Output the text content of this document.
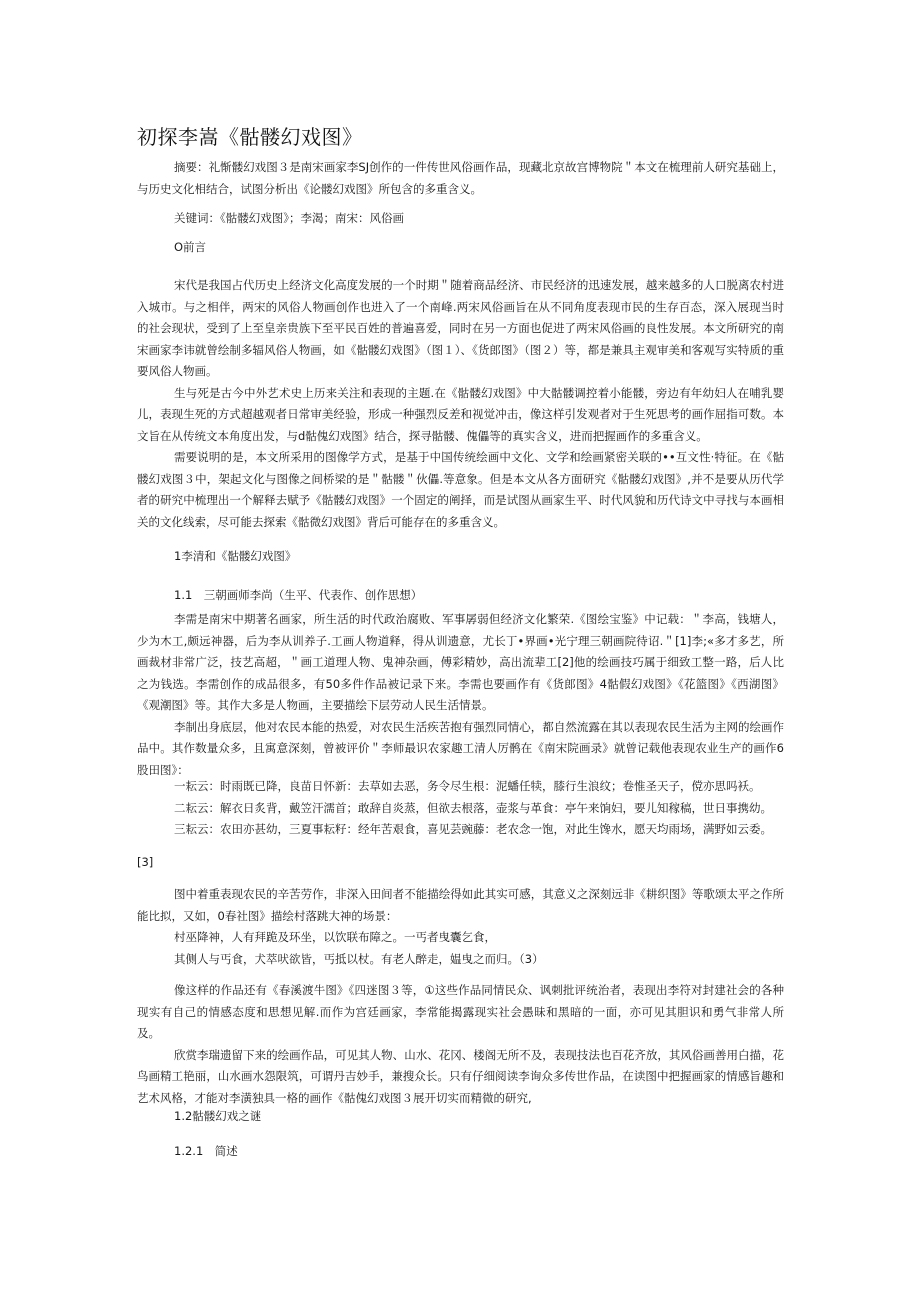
初探李嵩《骷髅幻戏图》

摘要：礼惭髅幻戏图３是南宋画家李SJ创作的一件传世风俗画作品，现藏北京故宫博物院＂本文在梳理前人研究基础上，与历史文化相结合，试图分析出《论髅幻戏图》所包含的多重含义。

关键词：《骷髅幻戏图》；李渴；南宋：风俗画
O前言

宋代是我国占代历史上经济文化高度发展的一个时期＂随着商品经济、市民经济的迅速发展，越来越多的人口脱离农村进入城市。与之相伴，两宋的风俗人物画创作也进入了一个南峰.两宋风俗画旨在从不同角度表现市民的生存百态，深入展现当时的社会现状，受到了上至皇亲贵族下至平民百姓的普遍喜爱，同时在另一方面也促进了两宋风俗画的良性发展。本文所研究的南宋画家李讳就曾绘制多辐风俗人物画，如《骷髅幻戏图》（图１）、《货郎图》（图２）等，都是兼具主观审美和客观写实特质的重要风俗人物画。

生与死是古今中外艺术史上历来关注和表现的主题.在《骷髅幻戏图》中大骷髅调控着小能髅，旁边有年幼妇人在哺乳婴儿，表现生死的方式超越观者日常审美经验，形成一种强烈反差和视觉冲击，像这样引发观者对于生死思考的画作屈指可数。本文旨在从传统文本角度出发，与d骷傀幻戏图》结合，探寻骷髅、傀儡等的真实含义，进而把握画作的多重含义。

需要说明的是，本文所采用的图像学方式，是基于中国传统绘画中文化、文学和绘画紧密关联的••互文性·特征。在《骷髅幻戏图３中，架起文化与图像之间桥梁的是＂骷髅＂伙儡.等意象。但是本文从各方面研究《骷髅幻戏图》,并不是要从历代学者的研究中梳理出一个解释去赋予《骷髅幻戏图》一个固定的阐择，而是试图从画家生平、时代风貌和历代诗文中寻找与本画相关的文化线索，尽可能去探索《骷微幻戏图》背后可能存在的多重含义。

1李清和《骷髅幻戏图》
1.1　三朝画师李尚（生平、代表作、创作思想）

李需是南宋中期著名画家，所生活的时代政治腐败、军事孱弱但经济文化繁荣.《图绘宝鉴》中记载：＂李高，钱塘人，少为木工,颇远神器，后为李从训养子.工画人物道释，得从训遗意，尤长丁•界画•光宁理三朝画院待诏.＂[1]李;«多才多艺，所画裁材非常广泛，技艺高超，＂画工道理人物、鬼神杂画，傅彩精妙，高出流辈工[2]他的绘画技巧属于细致工整一路，后人比之为钱选。李需创作的成品很多，有50多件作品被记录下来。李需也要画作有《货郎图》4骷假幻戏图》《花篮图》《西湖图》《观潮图》等。其作大多是人物画，主要描绘下层劳动人民生活情景。

李制出身底层，他对农民本能的热爱，对农民生活疾苦抱有强烈同情心，都自然流露在其以表现农民生活为主网的绘画作品中。其作数量众多，且寓意深刻，曾被评价＂李师最识农家趣工清人厉鹘在《南宋院画录》就曾记载他表现农业生产的画作6股田图》：

一耘云：时雨既已降，良苗日怀新：去草如去恶，务令尽生根：泥蟠任犊，膝行生浪纹；卷惟圣天子，傥亦思吗袄。

二耘云：解衣日炙背，戴笠汗濡首；敢辞自炎蒸，但欲去根落，壶浆与革食：亭午来饷妇，要儿知稼稿，世日事携幼。

三耘云：农田亦甚幼，三夏事耘籽：经年苦艰食，喜见芸豌藤：老农念一饱，对此生馋水，愿天均雨场，满野如云委。

[3]

图中着重表现农民的辛苦劳作，非深入田间者不能描绘得如此其实可感，其意义之深刻远非《耕织图》等歌颂太平之作所能比拟，又如，0春社图》描绘村落跳大神的场景：

村巫降神，人有拜跪及环坐，以饮联布障之。一丐者曳囊乞食，

其侧人与丐食，犬萃吠欲皆，丐抵以杖。有老人醉走，媪曳之而归。（3）

像这样的作品还有《春溪渡牛图》《四迷图３等，①这些作品同情民众、讽刺批评统治者，表现出李符对封建社会的各种现实有自己的情感态度和思想见解.而作为宫廷画家，李常能揭露现实社会愚昧和黑暗的一面，亦可见其胆识和勇气非常人所及。

欣赏李瑞遗留下来的绘画作品，可见其人物、山水、花冈、楼阁无所不及，表现技法也百花齐放，其风俗画善用白描，花鸟画精工艳丽，山水画水怨限筑，可谓丹吉妙手，兼搜众长。只有仔细阅读李询众多传世作品，在读图中把握画家的情感旨趣和艺术风格，才能对李潢独具一格的画作《骷傀幻戏图３展开切实而精微的研究,

1.2骷髅幻戏之谜
1.2.1　简述
